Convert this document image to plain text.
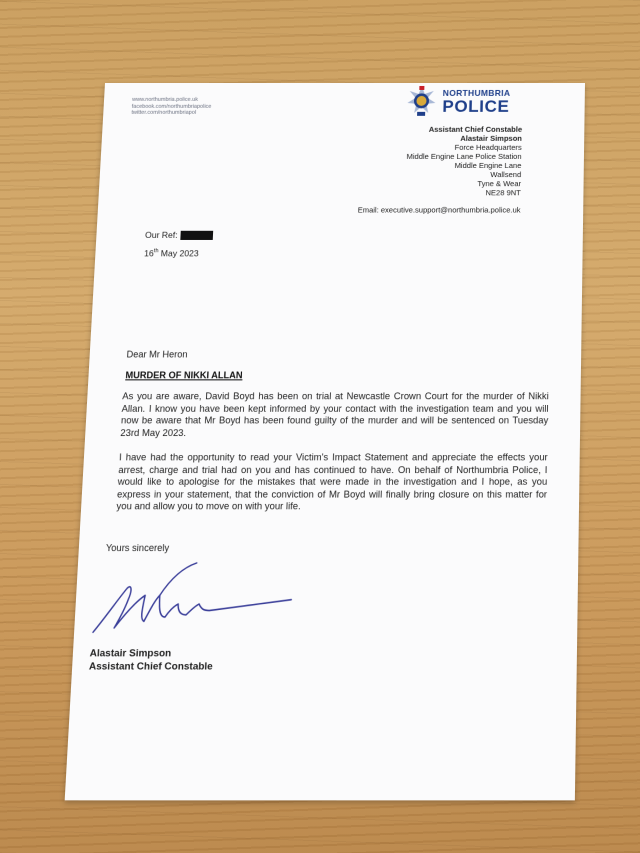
www.northumbria.police.uk
facebook.com/northumbriapolice
twitter.com/northumbriapol
NORTHUMBRIA
POLICE
Assistant Chief Constable
Alastair Simpson
Force Headquarters
Middle Engine Lane Police Station
Middle Engine Lane
Wallsend
Tyne & Wear
NE28 9NT
Email: executive.support@northumbria.police.uk
Our Ref:
16th May 2023
Dear Mr Heron
MURDER OF NIKKI ALLAN
As you are aware, David Boyd has been on trial at Newcastle Crown Court for the murder of Nikki Allan. I know you have been kept informed by your contact with the investigation team and you will now be aware that Mr Boyd has been found guilty of the murder and will be sentenced on Tuesday 23rd May 2023.
I have had the opportunity to read your Victim's Impact Statement and appreciate the effects your arrest, charge and trial had on you and has continued to have. On behalf of Northumbria Police, I would like to apologise for the mistakes that were made in the investigation and I hope, as you express in your statement, that the conviction of Mr Boyd will finally bring closure on this matter for you and allow you to move on with your life.
Yours sincerely
Alastair Simpson
Assistant Chief Constable
